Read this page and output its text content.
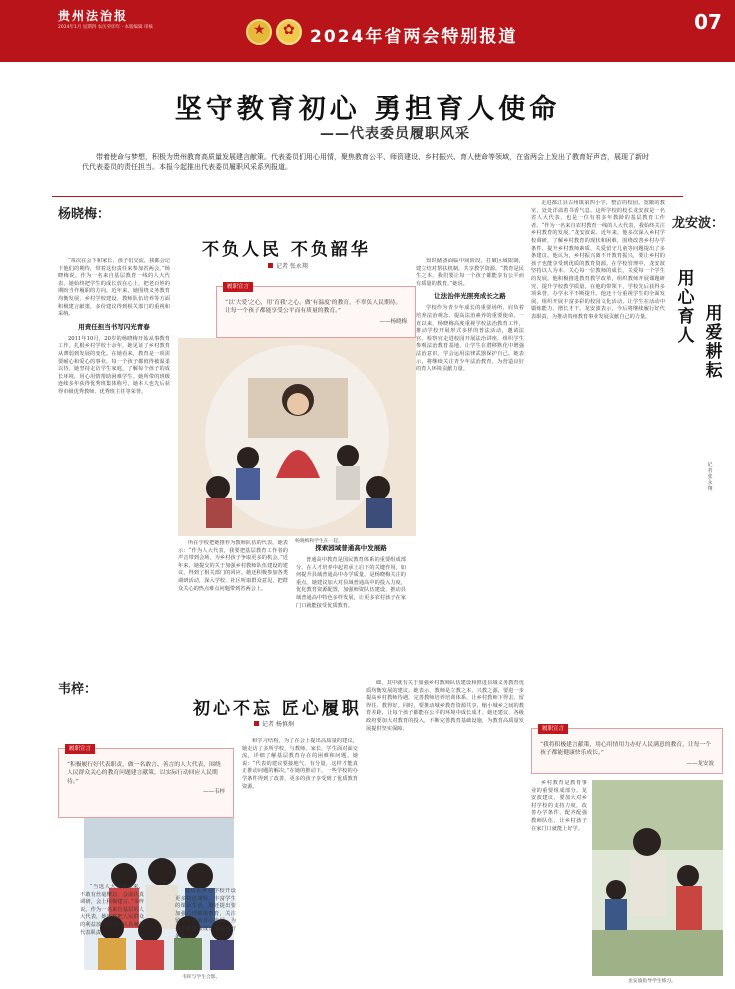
贵州法治报
2024年1月 星期四 农历癸卯年 · 本版编辑 审核 ★ ✿	2024年省两会特别报道
07
坚守教育初心 勇担育人使命
——代表委员履职风采
带着使命与梦想，积极为贵州教育高质量发展建言献策。代表委员们用心用情，聚焦教育公平、师资建设、乡村振兴、育人使命等领域，在省两会上发出了教育好声音，展现了新时代代表委员的责任担当。本报今起推出代表委员履职风采系列报道。
杨晓梅：
不负人民 不负韶华
记者 张永翔
履职宣言
“以‘大爱’之心，用‘育我’之心，做‘有温度’的教育，不辜负人民期待。让每一个孩子都能享受公平而有质量的教育。”
——杨晓梅
杨晓梅和学生在一起。

“每次在会下和家长、孩子们交流，我都会记下他们的期待，带着这份责任来参加省两会。”杨晓梅说。作为一名来自基层教育一线的人大代表，她始终把学生的成长放在心上，把老百姓的期盼当作履职的方向。近年来，她围绕义务教育均衡发展、乡村学校建设、教师队伍培养等方面积极建言献策，多份建议得到相关部门的重视和采纳。

用责任担当书写闪光青春

2011年10月，20岁的杨晓梅开始从事教育工作。扎根乡村学校十余年，她见证了乡村教育从薄弱到发展的变化。在她看来，教育是一项需要耐心和爱心的事业，每一个孩子都值得被温柔以待。她坚持走访学生家庭，了解每个孩子的成长环境，用心用情帮助困难学生。她所带的班级连续多年获得优秀班集体称号，她本人也先后获得市级优秀教师、优秀班主任等荣誉。

所在学校把她推荐为教师队伍的代表。她表示：“作为人大代表，我要把基层教育工作者的声音带到会场，为乡村孩子争取更多的机会。”近年来，她提交的关于加强乡村教师队伍建设的建议，得到了相关部门的回应。她还积极参加各类调研活动，深入学校、社区听取群众意见，把群众关心的热点难点问题带到省两会上。

探索园域普通高中发展路

普通高中教育是国民教育体系的重要组成部分。在人才培养中起着承上启下的关键作用。如何提升县域普通高中办学质量，是杨晓梅关注的重点。她建议加大对县域普通高中的投入力度，优化教育资源配置，加强师资队伍建设，推动县域普通高中特色多样发展，让更多农村孩子在家门口就能接受优质教育。

知识储备面临中间阶段，打破区域限制，建立结对帮扶机制，共享教学资源。“教育是民生之本，我们要让每一个孩子都能享有公平而有质量的教育。”她说。

让法治伴光照亮成长之路

学校作为青少年成长的重要场所，肩负着培养法治观念、提高法治素养的重要使命。一直以来，杨晓梅高度重视学校法治教育工作，推动学校开展形式多样的普法活动，邀请法官、检察官走进校园开展法治讲座，组织学生参观法治教育基地，让学生在潜移默化中增强法治意识，学会运用法律武器保护自己。她表示，将继续关注青少年法治教育，为营造良好的育人环境贡献力量。

韦梓：
初心不忘 匠心履职
记者 杨慎炯
履职宣言
“积极履行好代表职责，做一名敢言、善言的人大代表，围绕人民群众关心的教育问题建言献策，以实际行动回应人民期待。”
——韦梓
韦梓与学生合影。

“当选人大代表以来，不敢有丝毫懈怠，会前认真调研，会上积极建言。”韦梓说。作为一名来自基层的人大代表，她始终把人民群众的利益放在首位，认真履行代表职责。

建议在乡村学校开设更多特色课程，丰富学生的课余生活。她还提出要加强心理健康教育，关注留守儿童的身心发展，为孩子们健康成长创造良好条件。

和学习结构，为了在会上提出高质量的建议，她走访了多所学校，与教师、家长、学生面对面交流，详细了解基层教育存在的困难和问题。她说：“代表的建议要接地气、有分量，这样才能真正推动问题的解决。”在她的推动下，一些学校的办学条件得到了改善，更多的孩子享受到了优质教育资源。

础，其中就有关于加强乡村教师队伍建设和推进县域义务教育优质均衡发展的建议。她表示，教师是立教之本、兴教之源，要进一步提高乡村教师待遇，完善教师培养培训体系，让乡村教师下得去、留得住、教得好。同时，要推动城乡教育资源共享，缩小城乡之间的教育差距，让每个孩子都能在公平的环境中成长成才。她还建议，各级政府要加大对教育的投入，不断完善教育基础设施，为教育高质量发展提供坚实保障。

龙安波：
用心育人
用爱耕耘
记者 张永翔

走进都江县古州镇第四小学，整洁的校园、宽敞的教室，处处洋溢着书香气息。这所学校的校长龙安波是一名省人大代表，也是一位有着多年教龄的基层教育工作者。“作为一名来自农村教育一线的人大代表，我始终关注乡村教育的发展。”龙安波说。近年来，他多次深入乡村学校调研，了解乡村教育的现状和困难，围绕改善乡村办学条件、提升乡村教师素质、关爱留守儿童等问题提出了多条建议。他认为，乡村振兴离不开教育振兴，要让乡村的孩子也能享受到优质的教育资源。在学校管理中，龙安波坚持以人为本，关心每一位教师的成长，关爱每一个学生的发展。他积极推进教育教学改革，组织教师开展课题研究，提升学校教学质量。在他的带领下，学校先后获得多项荣誉，办学水平不断提升。他还十分重视学生的全面发展，组织开展丰富多彩的校园文化活动，让学生在活动中锻炼能力、增长才干。龙安波表示，今后将继续履行好代表职责，为推动贵州教育事业发展贡献自己的力量。

履职宣言
“我将积极建言献策，用心用情用力办好人民满意的教育，让每一个孩子都能健康快乐成长。”
——龙安波

乡村教育是教育事业的重要组成部分。龙安波建议，要加大对乡村学校的支持力度，改善办学条件，配齐配强教师队伍，让乡村孩子在家门口就能上好学。

龙安波指导学生练习。
